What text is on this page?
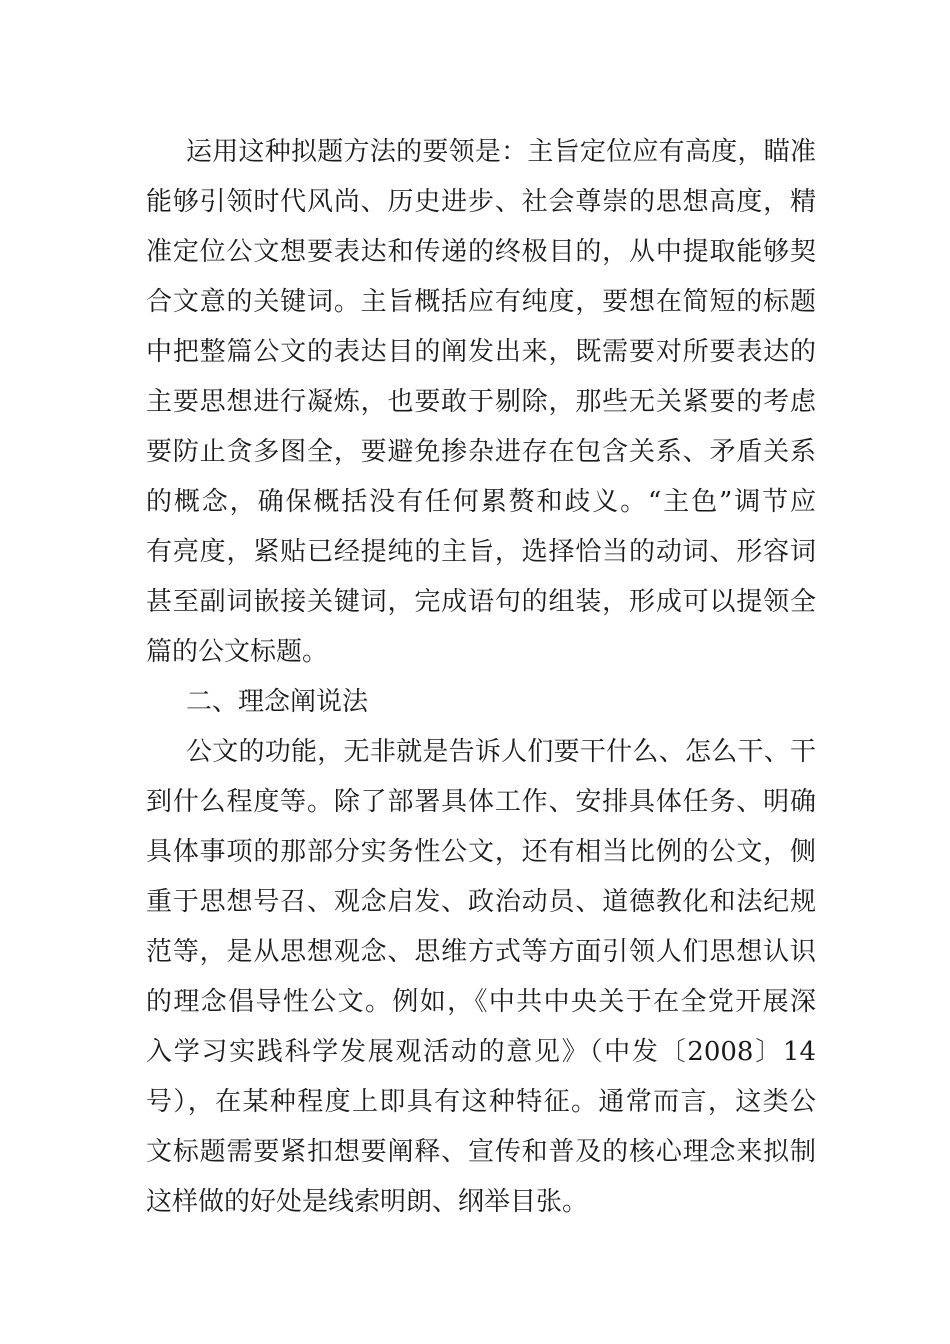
运用这种拟题方法的要领是：主旨定位应有高度，瞄准
能够引领时代风尚、历史进步、社会尊崇的思想高度，精
准定位公文想要表达和传递的终极目的，从中提取能够契
合文意的关键词。主旨概括应有纯度，要想在简短的标题
中把整篇公文的表达目的阐发出来，既需要对所要表达的
主要思想进行凝炼，也要敢于剔除，那些无关紧要的考虑
要防止贪多图全，要避免掺杂进存在包含关系、矛盾关系
的概念，确保概括没有任何累赘和歧义。“主色”调节应
有亮度，紧贴已经提纯的主旨，选择恰当的动词、形容词
甚至副词嵌接关键词，完成语句的组装，形成可以提领全
篇的公文标题。
二、理念阐说法
公文的功能，无非就是告诉人们要干什么、怎么干、干
到什么程度等。除了部署具体工作、安排具体任务、明确
具体事项的那部分实务性公文，还有相当比例的公文，侧
重于思想号召、观念启发、政治动员、道德教化和法纪规
范等，是从思想观念、思维方式等方面引领人们思想认识
的理念倡导性公文。例如，《中共中央关于在全党开展深
入学习实践科学发展观活动的意见》（中发〔2008〕14
号），在某种程度上即具有这种特征。通常而言，这类公
文标题需要紧扣想要阐释、宣传和普及的核心理念来拟制
这样做的好处是线索明朗、纲举目张。
